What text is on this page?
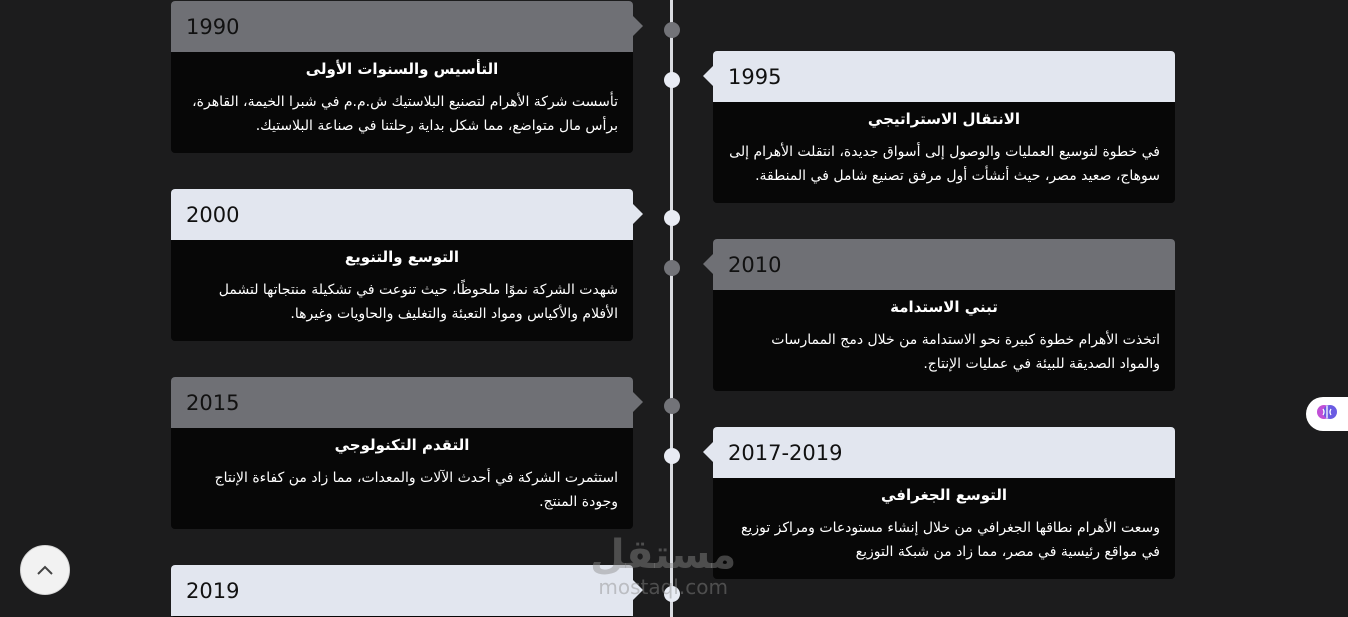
1990
التأسيس والسنوات الأولى
تأسست شركة الأهرام لتصنيع البلاستيك ش.م.م في شبرا الخيمة، القاهرة، برأس مال متواضع، مما شكل بداية رحلتنا في صناعة البلاستيك.
1995
الانتقال الاستراتيجي
في خطوة لتوسيع العمليات والوصول إلى أسواق جديدة، انتقلت الأهرام إلى سوهاج، صعيد مصر، حيث أنشأت أول مرفق تصنيع شامل في المنطقة.
2000
التوسع والتنويع
شهدت الشركة نموًا ملحوظًا، حيث تنوعت في تشكيلة منتجاتها لتشمل الأفلام والأكياس ومواد التعبئة والتغليف والحاويات وغيرها.
2010
تبني الاستدامة
اتخذت الأهرام خطوة كبيرة نحو الاستدامة من خلال دمج الممارسات والمواد الصديقة للبيئة في عمليات الإنتاج.
2015
التقدم التكنولوجي
استثمرت الشركة في أحدث الآلات والمعدات، مما زاد من كفاءة الإنتاج وجودة المنتج.
2017-2019
التوسع الجغرافي
وسعت الأهرام نطاقها الجغرافي من خلال إنشاء مستودعات ومراكز توزيع في مواقع رئيسية في مصر، مما زاد من شبكة التوزيع
2019
مستقل
mostaql.com
